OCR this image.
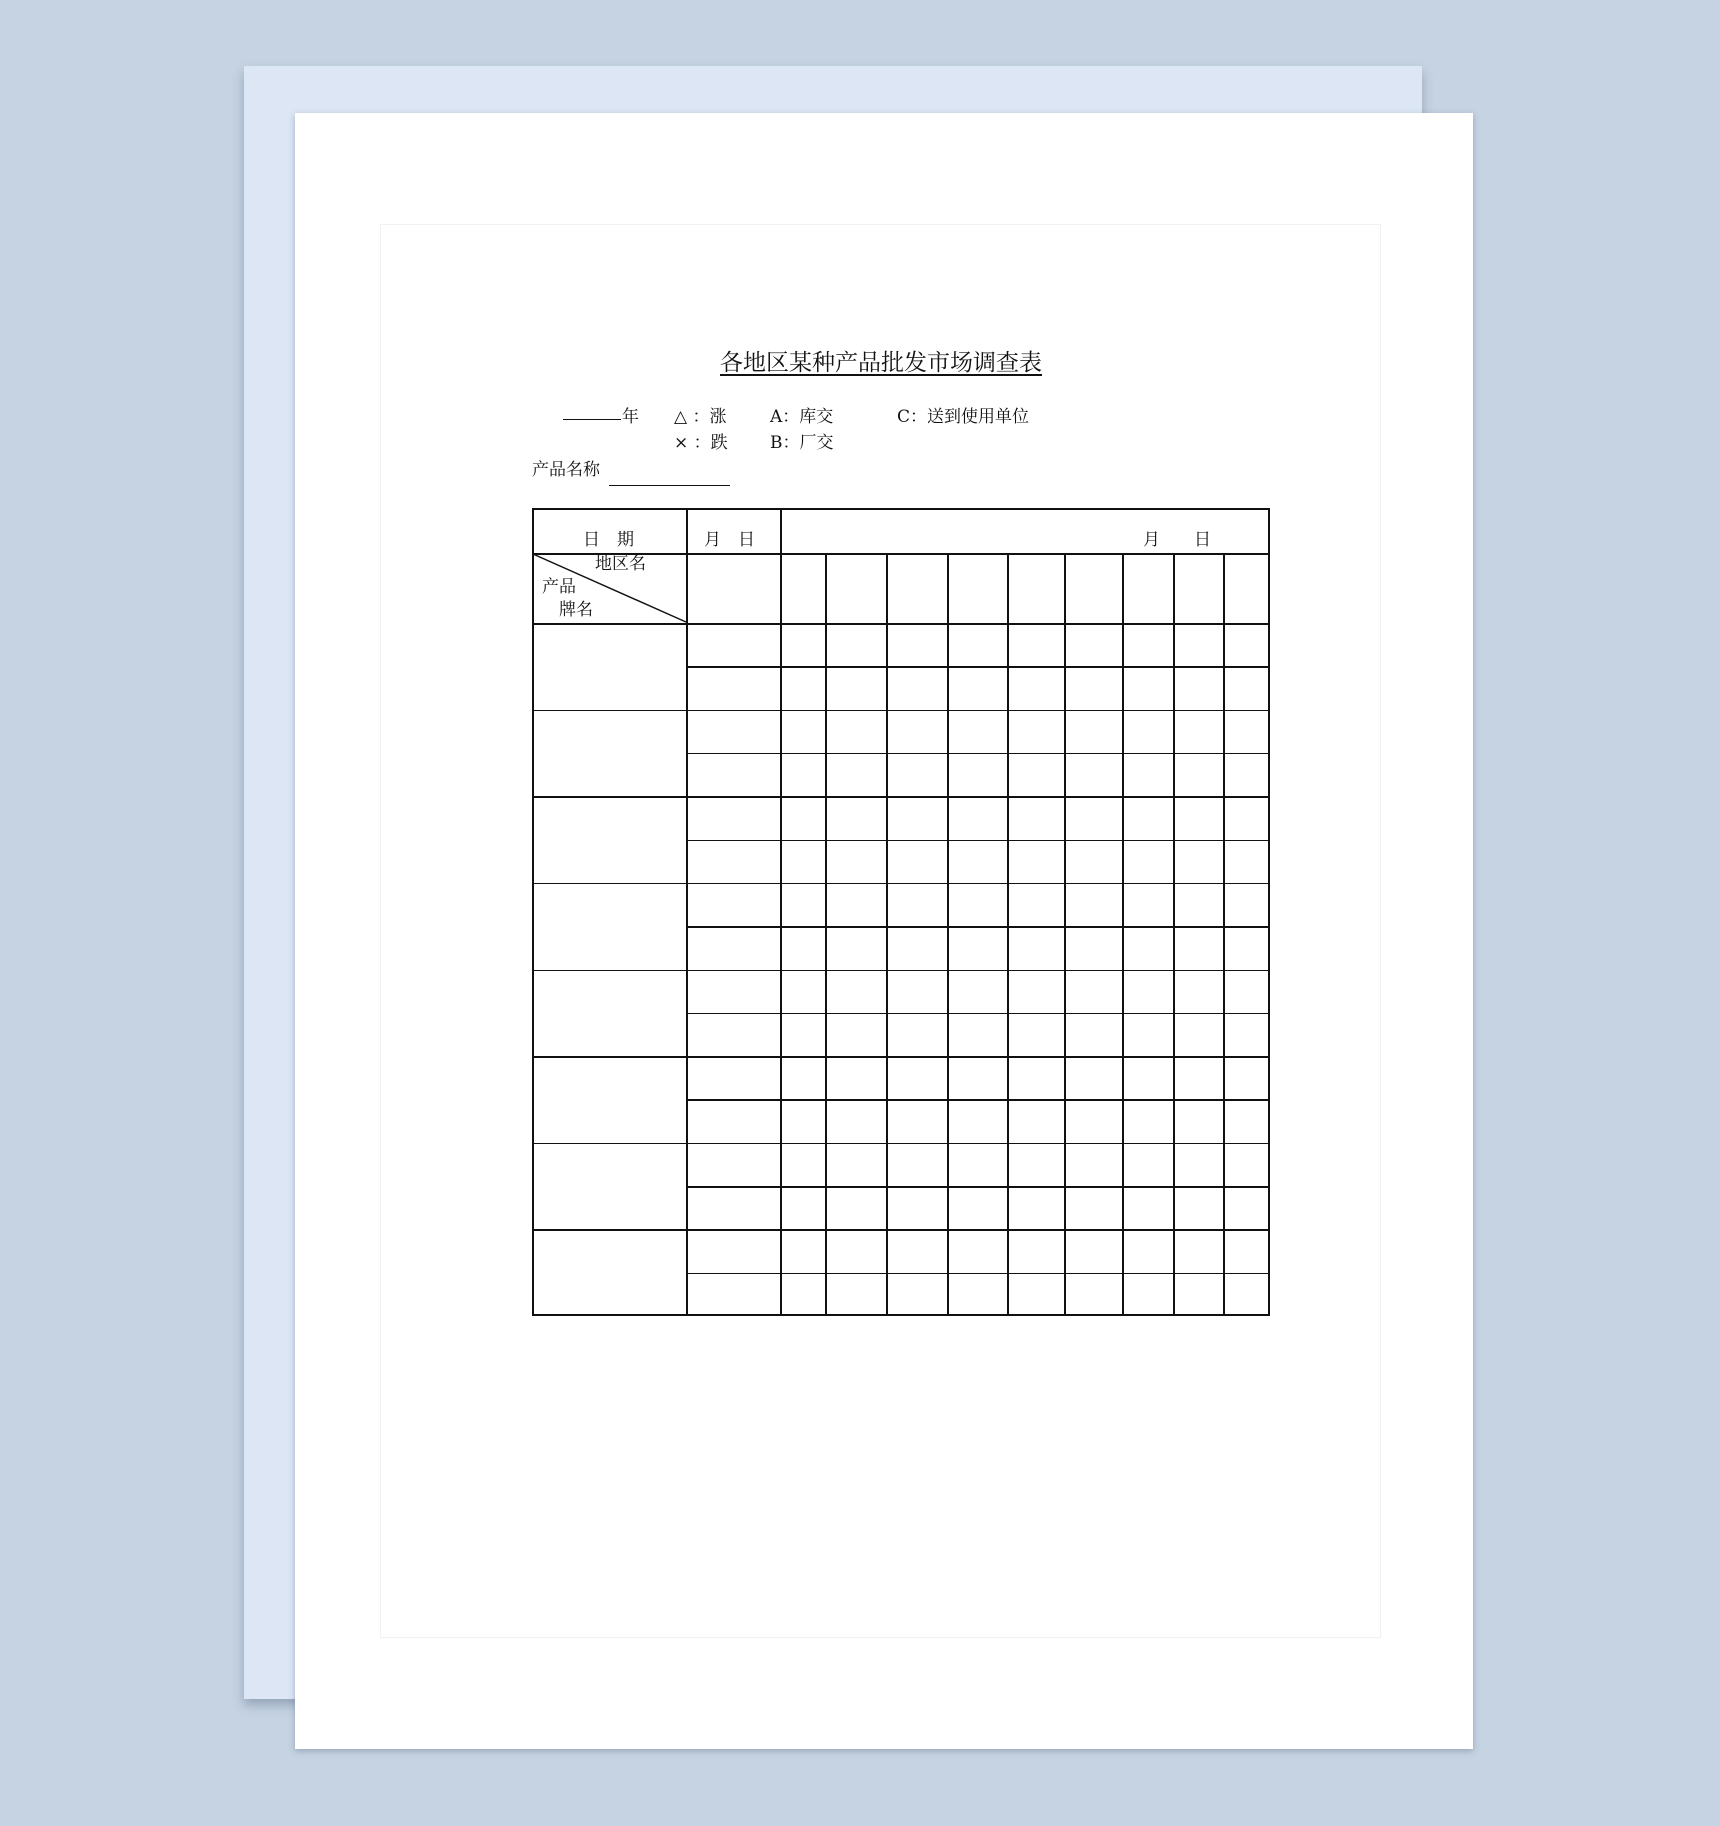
各地区某种产品批发市场调查表
年 △ ：涨	A：库交	C：送到使用单位
× ：跌 B：厂交
产品名称
日　期	月　日	月　　日
地区名
产品
牌名
